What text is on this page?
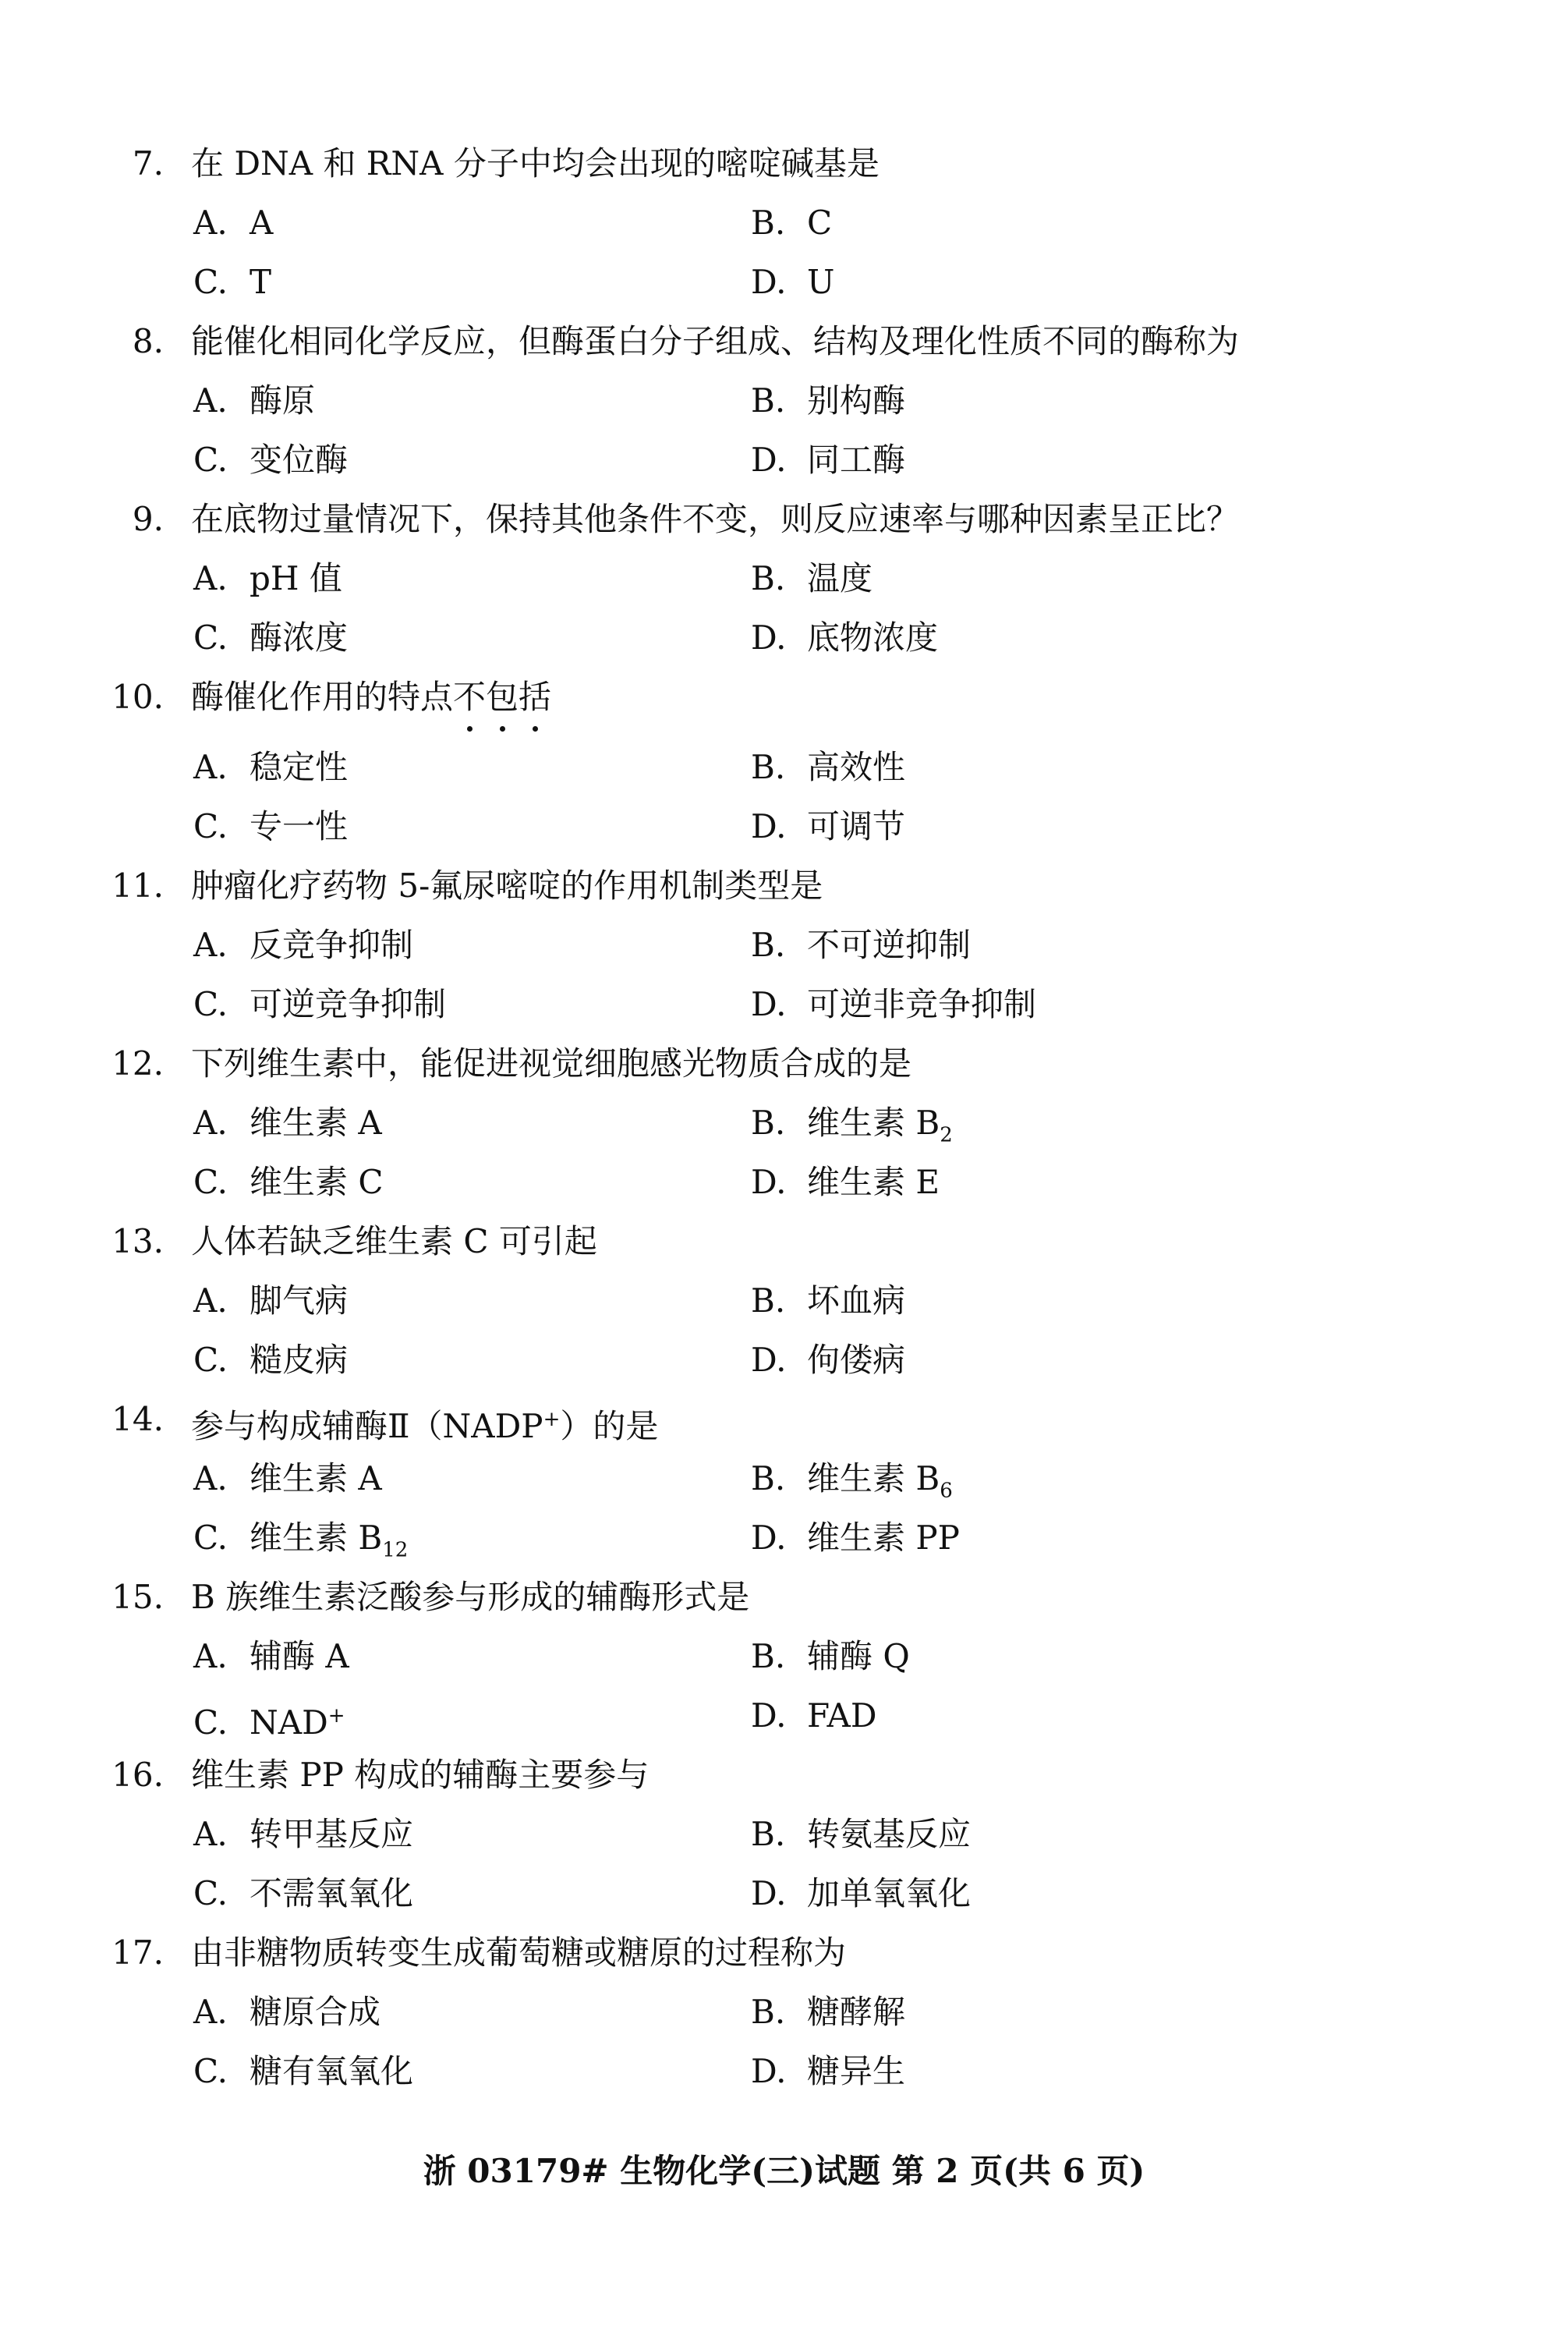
7. 在 DNA 和 RNA 分子中均会出现的嘧啶碱基是
A. A	B. C
C. T	D. U
8. 能催化相同化学反应，但酶蛋白分子组成、结构及理化性质不同的酶称为
A. 酶原	B. 别构酶
C. 变位酶	D. 同工酶
9. 在底物过量情况下，保持其他条件不变，则反应速率与哪种因素呈正比？
A. pH 值	B. 温度
C. 酶浓度	D. 底物浓度
10. 酶催化作用的特点不包括
A. 稳定性	B. 高效性
C. 专一性	D. 可调节
11. 肿瘤化疗药物 5-氟尿嘧啶的作用机制类型是
A. 反竞争抑制	B. 不可逆抑制
C. 可逆竞争抑制	D. 可逆非竞争抑制
12. 下列维生素中，能促进视觉细胞感光物质合成的是
A. 维生素 A	B. 维生素 $B_2$
C. 维生素 C	D. 维生素 E
13. 人体若缺乏维生素 C 可引起
A. 脚气病	B. 坏血病
C. 糙皮病	D. 佝偻病
14. 参与构成辅酶Ⅱ（NADP+）的是
A. 维生素 A	B. 维生素 $B_6$
C. 维生素 $B_{12}$	D. 维生素 PP
15. B 族维生素泛酸参与形成的辅酶形式是
A. 辅酶 A	B. 辅酶 Q
C. NAD+	D. FAD
16. 维生素 PP 构成的辅酶主要参与
A. 转甲基反应	B. 转氨基反应
C. 不需氧氧化	D. 加单氧氧化
17. 由非糖物质转变生成葡萄糖或糖原的过程称为
A. 糖原合成	B. 糖酵解
C. 糖有氧氧化	D. 糖异生
浙 03179# 生物化学(三)试题 第 2 页(共 6 页)
